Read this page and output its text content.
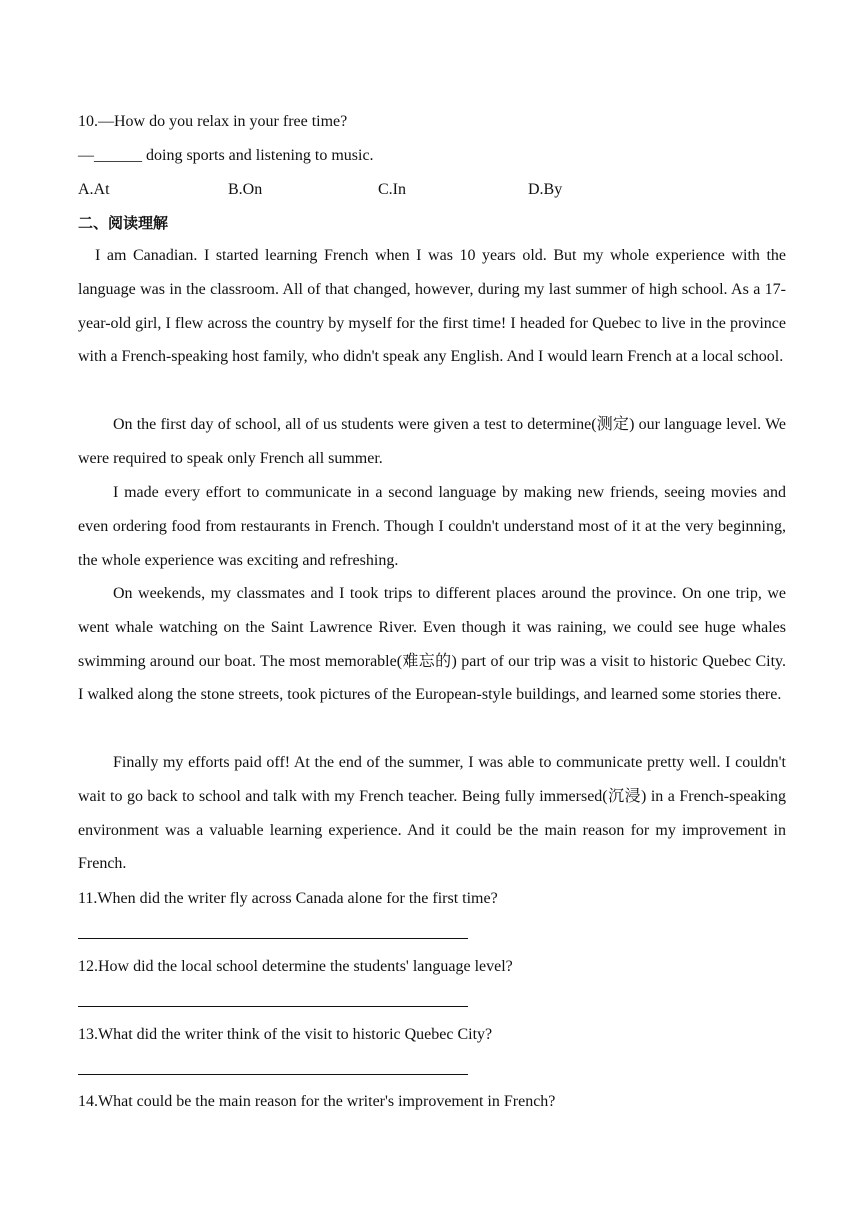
10.—How do you relax in your free time?
—______ doing sports and listening to music.
A.At	B.On	C.In	D.By
二、阅读理解
I am Canadian. I started learning French when I was 10 years old. But my whole experience with the language was in the classroom. All of that changed, however, during my last summer of high school. As a 17-year-old girl, I flew across the country by myself for the first time! I headed for Quebec to live in the province with a French-speaking host family, who didn't speak any English. And I would learn French at a local school.
On the first day of school, all of us students were given a test to determine(测定) our language level. We were required to speak only French all summer.
I made every effort to communicate in a second language by making new friends, seeing movies and even ordering food from restaurants in French. Though I couldn't understand most of it at the very beginning, the whole experience was exciting and refreshing.
On weekends, my classmates and I took trips to different places around the province. On one trip, we went whale watching on the Saint Lawrence River. Even though it was raining, we could see huge whales swimming around our boat. The most memorable(难忘的) part of our trip was a visit to historic Quebec City. I walked along the stone streets, took pictures of the European-style buildings, and learned some stories there.
Finally my efforts paid off! At the end of the summer, I was able to communicate pretty well. I couldn't wait to go back to school and talk with my French teacher. Being fully immersed(沉浸) in a French-speaking environment was a valuable learning experience. And it could be the main reason for my improvement in French.
11.When did the writer fly across Canada alone for the first time?
12.How did the local school determine the students' language level?
13.What did the writer think of the visit to historic Quebec City?
14.What could be the main reason for the writer's improvement in French?
